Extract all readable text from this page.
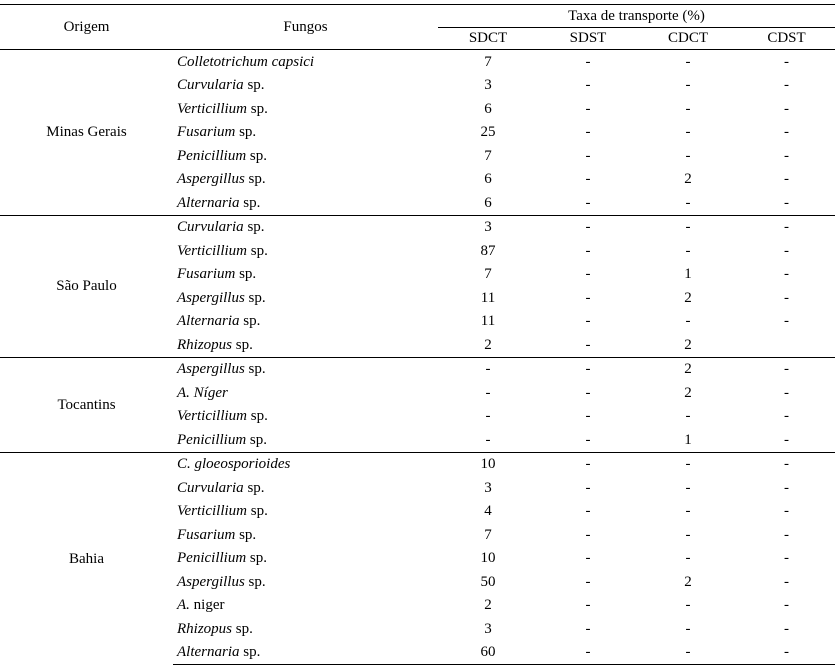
Origem	Fungos	Taxa de transporte (%)			
		SDCT	SDST	CDCT	CDST
Minas Gerais	Colletotrichum capsici	7	-	-	-
	Curvularia sp.	3	-	-	-
	Verticillium sp.	6	-	-	-
	Fusarium sp.	25	-	-	-
	Penicillium sp.	7	-	-	-
	Aspergillus sp.	6	-	2	-
	Alternaria sp.	6	-	-	-
São Paulo	Curvularia sp.	3	-	-	-
	Verticillium sp.	87	-	-	-
	Fusarium sp.	7	-	1	-
	Aspergillus sp.	11	-	2	-
	Alternaria sp.	11	-	-	-
	Rhizopus sp.	2	-	2	
Tocantins	Aspergillus sp.	-	-	2	-
	A. Níger	-	-	2	-
	Verticillium sp.	-	-	-	-
	Penicillium sp.	-	-	1	-
Bahia	C. gloeosporioides	10	-	-	-
	Curvularia sp.	3	-	-	-
	Verticillium sp.	4	-	-	-
	Fusarium sp.	7	-	-	-
	Penicillium sp.	10	-	-	-
	Aspergillus sp.	50	-	2	-
	A. niger	2	-	-	-
	Rhizopus sp.	3	-	-	-
	Alternaria sp.	60	-	-	-
